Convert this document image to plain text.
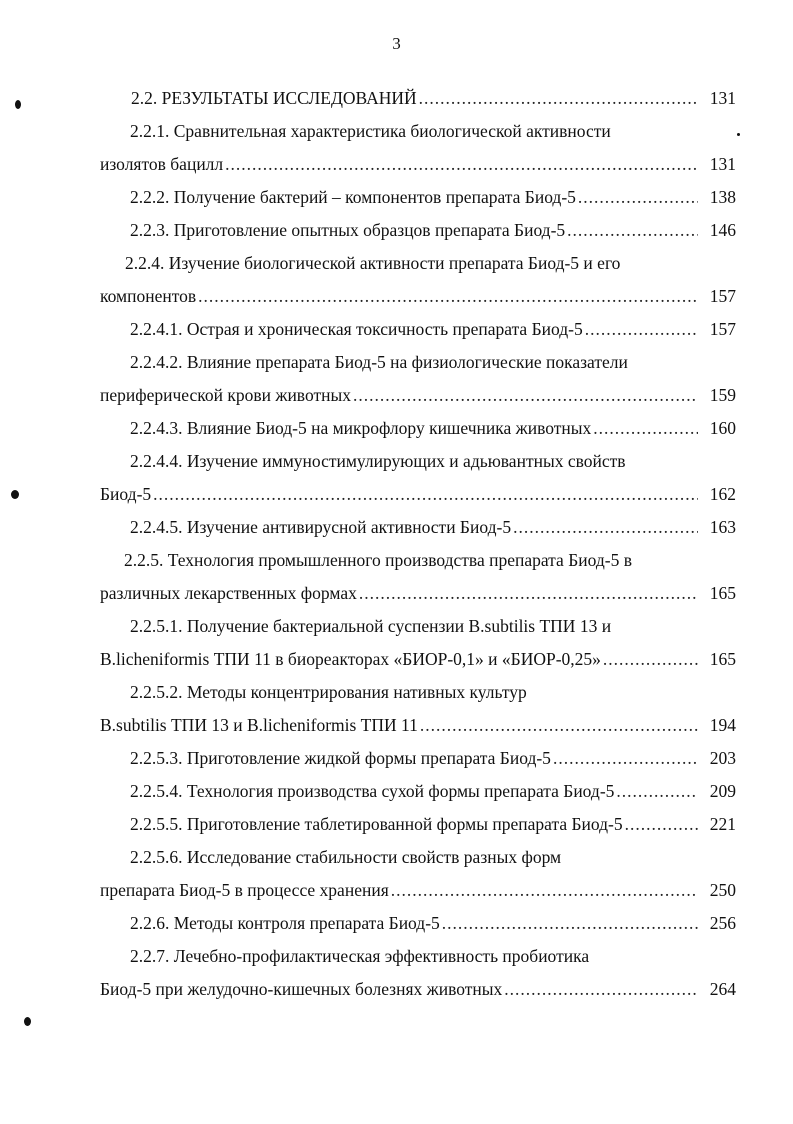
3
2.2. РЕЗУЛЬТАТЫ ИССЛЕДОВАНИЙ .....	131
2.2.1. Сравнительная характеристика биологической активности
изолятов бацилл .....	131
2.2.2. Получение бактерий – компонентов препарата Биод-5 .....	138
2.2.3. Приготовление опытных образцов препарата Биод-5 .....	146
2.2.4. Изучение биологической активности препарата Биод-5 и его
компонентов .....	157
2.2.4.1. Острая и хроническая токсичность препарата Биод-5 .....	157
2.2.4.2. Влияние препарата Биод-5 на физиологические показатели
периферической крови животных .....	159
2.2.4.3. Влияние Биод-5 на микрофлору кишечника животных .....	160
2.2.4.4. Изучение иммуностимулирующих и адьювантных свойств
Биод-5 .....	162
2.2.4.5. Изучение антивирусной активности Биод-5 .....	163
2.2.5. Технология промышленного производства препарата Биод-5 в
различных лекарственных формах .....	165
2.2.5.1. Получение бактериальной суспензии B.subtilis ТПИ 13 и
B.licheniformis ТПИ 11 в биореакторах «БИОР-0,1» и «БИОР-0,25» .....	165
2.2.5.2. Методы концентрирования нативных культур
B.subtilis ТПИ 13 и B.licheniformis ТПИ 11 .....	194
2.2.5.3. Приготовление жидкой формы препарата Биод-5 .....	203
2.2.5.4. Технология производства сухой формы препарата Биод-5 .....	209
2.2.5.5. Приготовление таблетированной формы препарата Биод-5 .....	221
2.2.5.6. Исследование стабильности свойств разных форм
препарата Биод-5 в процессе хранения .....	250
2.2.6. Методы контроля препарата Биод-5 .....	256
2.2.7. Лечебно-профилактическая эффективность пробиотика
Биод-5 при желудочно-кишечных болезнях животных .....	264
